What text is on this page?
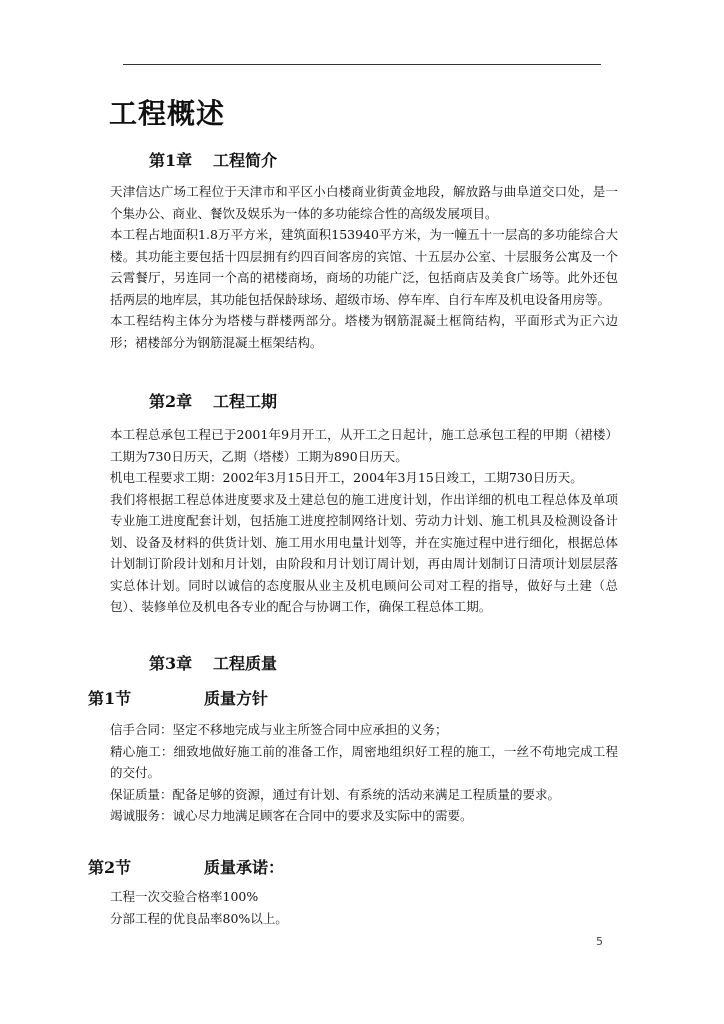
工程概述
第1章 工程简介

天津信达广场工程位于天津市和平区小白楼商业街黄金地段，解放路与曲阜道交口处，是一个集办公、商业、餐饮及娱乐为一体的多功能综合性的高级发展项目。

本工程占地面积1.8万平方米，建筑面积153940平方米，为一幢五十一层高的多功能综合大楼。其功能主要包括十四层拥有约四百间客房的宾馆、十五层办公室、十层服务公寓及一个云霄餐厅，另连同一个高的裙楼商场，商场的功能广泛，包括商店及美食广场等。此外还包括两层的地库层，其功能包括保龄球场、超级市场、停车库、自行车库及机电设备用房等。

本工程结构主体分为塔楼与群楼两部分。塔楼为钢筋混凝土框筒结构，平面形式为正六边形；裙楼部分为钢筋混凝土框架结构。

第2章 工程工期

本工程总承包工程已于2001年9月开工，从开工之日起计，施工总承包工程的甲期（裙楼）工期为730日历天，乙期（塔楼）工期为890日历天。

机电工程要求工期：2002年3月15日开工，2004年3月15日竣工，工期730日历天。

我们将根据工程总体进度要求及土建总包的施工进度计划，作出详细的机电工程总体及单项专业施工进度配套计划，包括施工进度控制网络计划、劳动力计划、施工机具及检测设备计划、设备及材料的供货计划、施工用水用电量计划等，并在实施过程中进行细化，根据总体计划制订阶段计划和月计划，由阶段和月计划订周计划，再由周计划制订日清项计划层层落实总体计划。同时以诚信的态度服从业主及机电顾问公司对工程的指导，做好与土建（总包）、装修单位及机电各专业的配合与协调工作，确保工程总体工期。

第3章 工程质量
第1节	质量方针

信手合同：坚定不移地完成与业主所签合同中应承担的义务；

精心施工：细致地做好施工前的准备工作，周密地组织好工程的施工，一丝不苟地完成工程的交付。

保证质量：配备足够的资源，通过有计划、有系统的活动来满足工程质量的要求。

竭诚服务：诚心尽力地满足顾客在合同中的要求及实际中的需要。

第2节	质量承诺：

工程一次交验合格率100%

分部工程的优良品率80%以上。

5
